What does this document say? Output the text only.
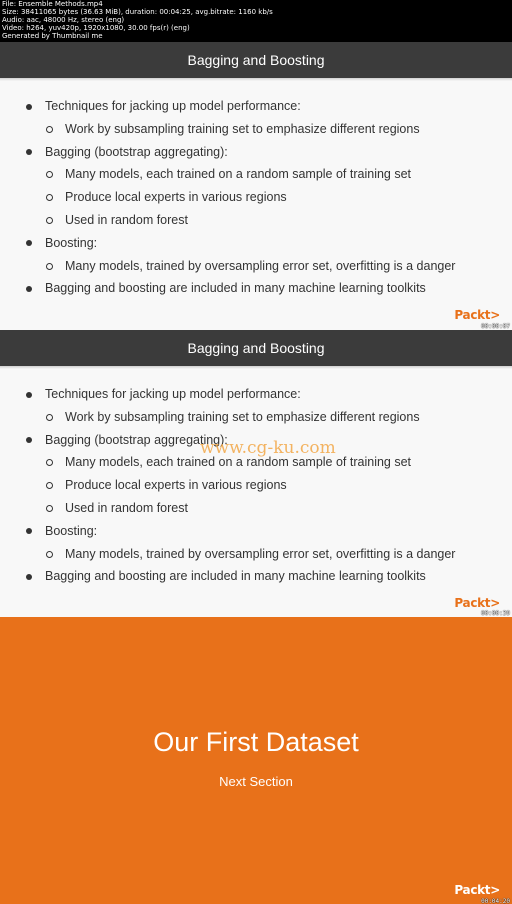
File: Ensemble Methods.mp4
Size: 38411065 bytes (36.63 MiB), duration: 00:04:25, avg.bitrate: 1160 kb/s
Audio: aac, 48000 Hz, stereo (eng)
Video: h264, yuv420p, 1920x1080, 30.00 fps(r) (eng)
Generated by Thumbnail me
Bagging and Boosting
Techniques for jacking up model performance:
Work by subsampling training set to emphasize different regions
Bagging (bootstrap aggregating):
Many models, each trained on a random sample of training set
Produce local experts in various regions
Used in random forest
Boosting:
Many models, trained by oversampling error set, overfitting is a danger
Bagging and boosting are included in many machine learning toolkits
Packt>
00:00:07
Bagging and Boosting
Techniques for jacking up model performance:
Work by subsampling training set to emphasize different regions
Bagging (bootstrap aggregating):
Many models, each trained on a random sample of training set
Produce local experts in various regions
Used in random forest
Boosting:
Many models, trained by oversampling error set, overfitting is a danger
Bagging and boosting are included in many machine learning toolkits
www.cg-ku.com
Packt>
00:00:39
Our First Dataset
Next Section
Packt>
00:04:20
